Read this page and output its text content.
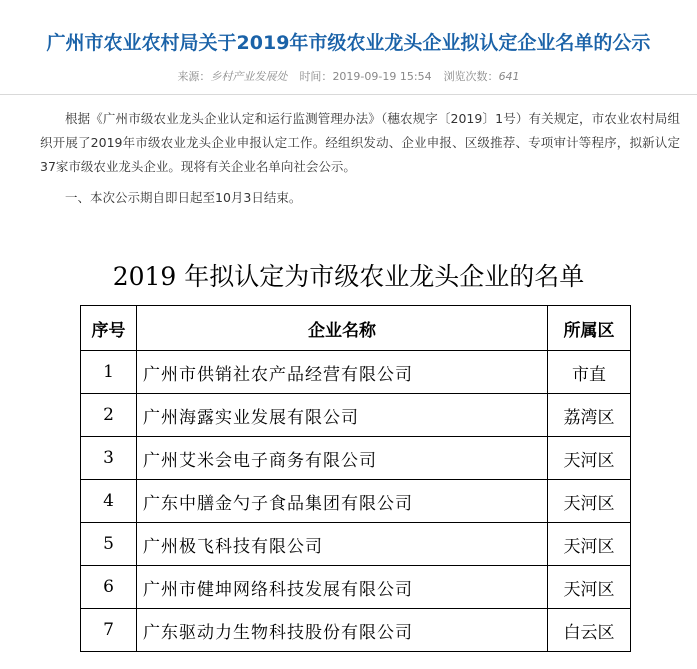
广州市农业农村局关于2019年市级农业龙头企业拟认定企业名单的公示
来源：乡村产业发展处 时间：2019-09-19 15:54 浏览次数：641

根据《广州市级农业龙头企业认定和运行监测管理办法》（穗农规字〔2019〕1号）有关规定，市农业农村局组织开展了2019年市级农业龙头企业申报认定工作。经组织发动、企业申报、区级推荐、专项审计等程序，拟新认定37家市级农业龙头企业。现将有关企业名单向社会公示。

一、本次公示期自即日起至10月3日结束。

2019 年拟认定为市级农业龙头企业的名单
序号	企业名称	所属区
1	广州市供销社农产品经营有限公司	市直
2	广州海露实业发展有限公司	荔湾区
3	广州艾米会电子商务有限公司	天河区
4	广东中膳金勺子食品集团有限公司	天河区
5	广州极飞科技有限公司	天河区
6	广州市健坤网络科技发展有限公司	天河区
7	广东驱动力生物科技股份有限公司	白云区
